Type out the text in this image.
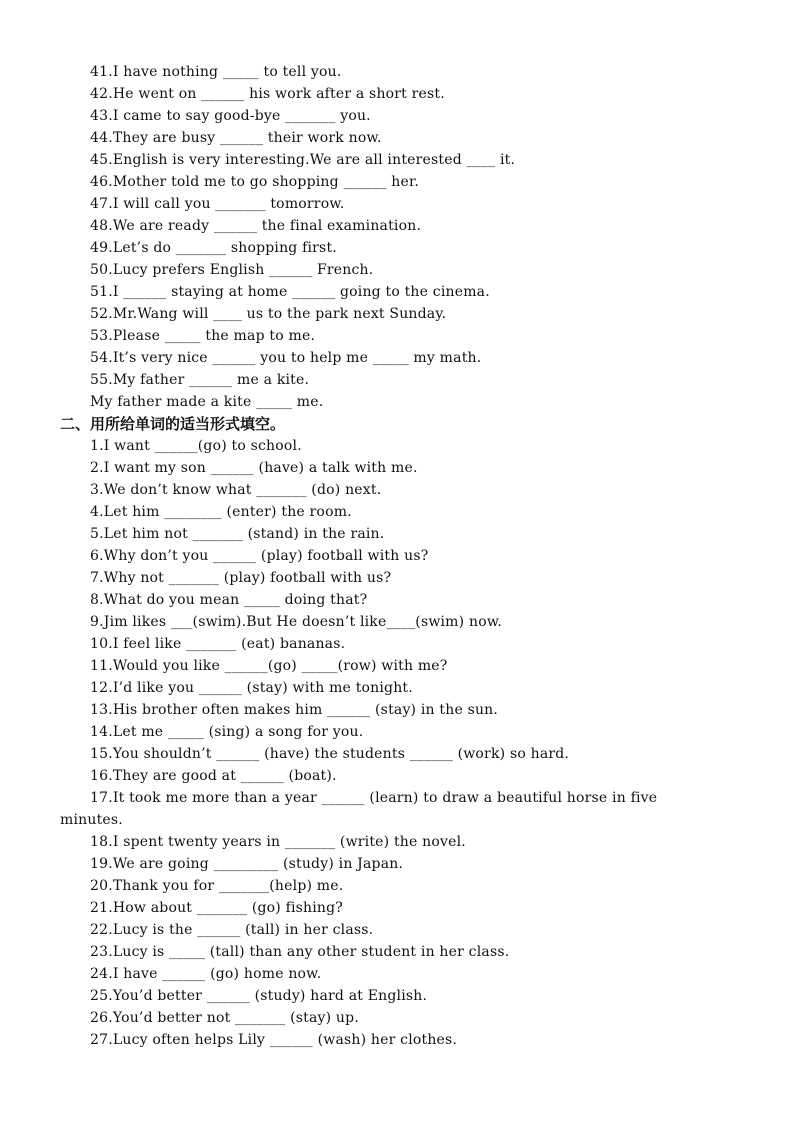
41.I have nothing _____ to tell you.
42.He went on ______ his work after a short rest.
43.I came to say good-bye _______ you.
44.They are busy ______ their work now.
45.English is very interesting.We are all interested ____ it.
46.Mother told me to go shopping ______ her.
47.I will call you _______ tomorrow.
48.We are ready ______ the final examination.
49.Let’s do _______ shopping first.
50.Lucy prefers English ______ French.
51.I ______ staying at home ______ going to the cinema.
52.Mr.Wang will ____ us to the park next Sunday.
53.Please _____ the map to me.
54.It’s very nice ______ you to help me _____ my math.
55.My father ______ me a kite.
My father made a kite _____ me.
二、用所给单词的适当形式填空。
1.I want ______(go) to school.
2.I want my son ______ (have) a talk with me.
3.We don’t know what _______ (do) next.
4.Let him ________ (enter) the room.
5.Let him not _______ (stand) in the rain.
6.Why don’t you ______ (play) football with us?
7.Why not _______ (play) football with us?
8.What do you mean _____ doing that?
9.Jim likes ___(swim).But He doesn’t like____(swim) now.
10.I feel like _______ (eat) bananas.
11.Would you like ______(go) _____(row) with me?
12.I’d like you ______ (stay) with me tonight.
13.His brother often makes him ______ (stay) in the sun.
14.Let me _____ (sing) a song for you.
15.You shouldn’t ______ (have) the students ______ (work) so hard.
16.They are good at ______ (boat).
17.It took me more than a year ______ (learn) to draw a beautiful horse in five
minutes.
18.I spent twenty years in _______ (write) the novel.
19.We are going _________ (study) in Japan.
20.Thank you for _______(help) me.
21.How about _______ (go) fishing?
22.Lucy is the ______ (tall) in her class.
23.Lucy is _____ (tall) than any other student in her class.
24.I have ______ (go) home now.
25.You’d better ______ (study) hard at English.
26.You’d better not _______ (stay) up.
27.Lucy often helps Lily ______ (wash) her clothes.
